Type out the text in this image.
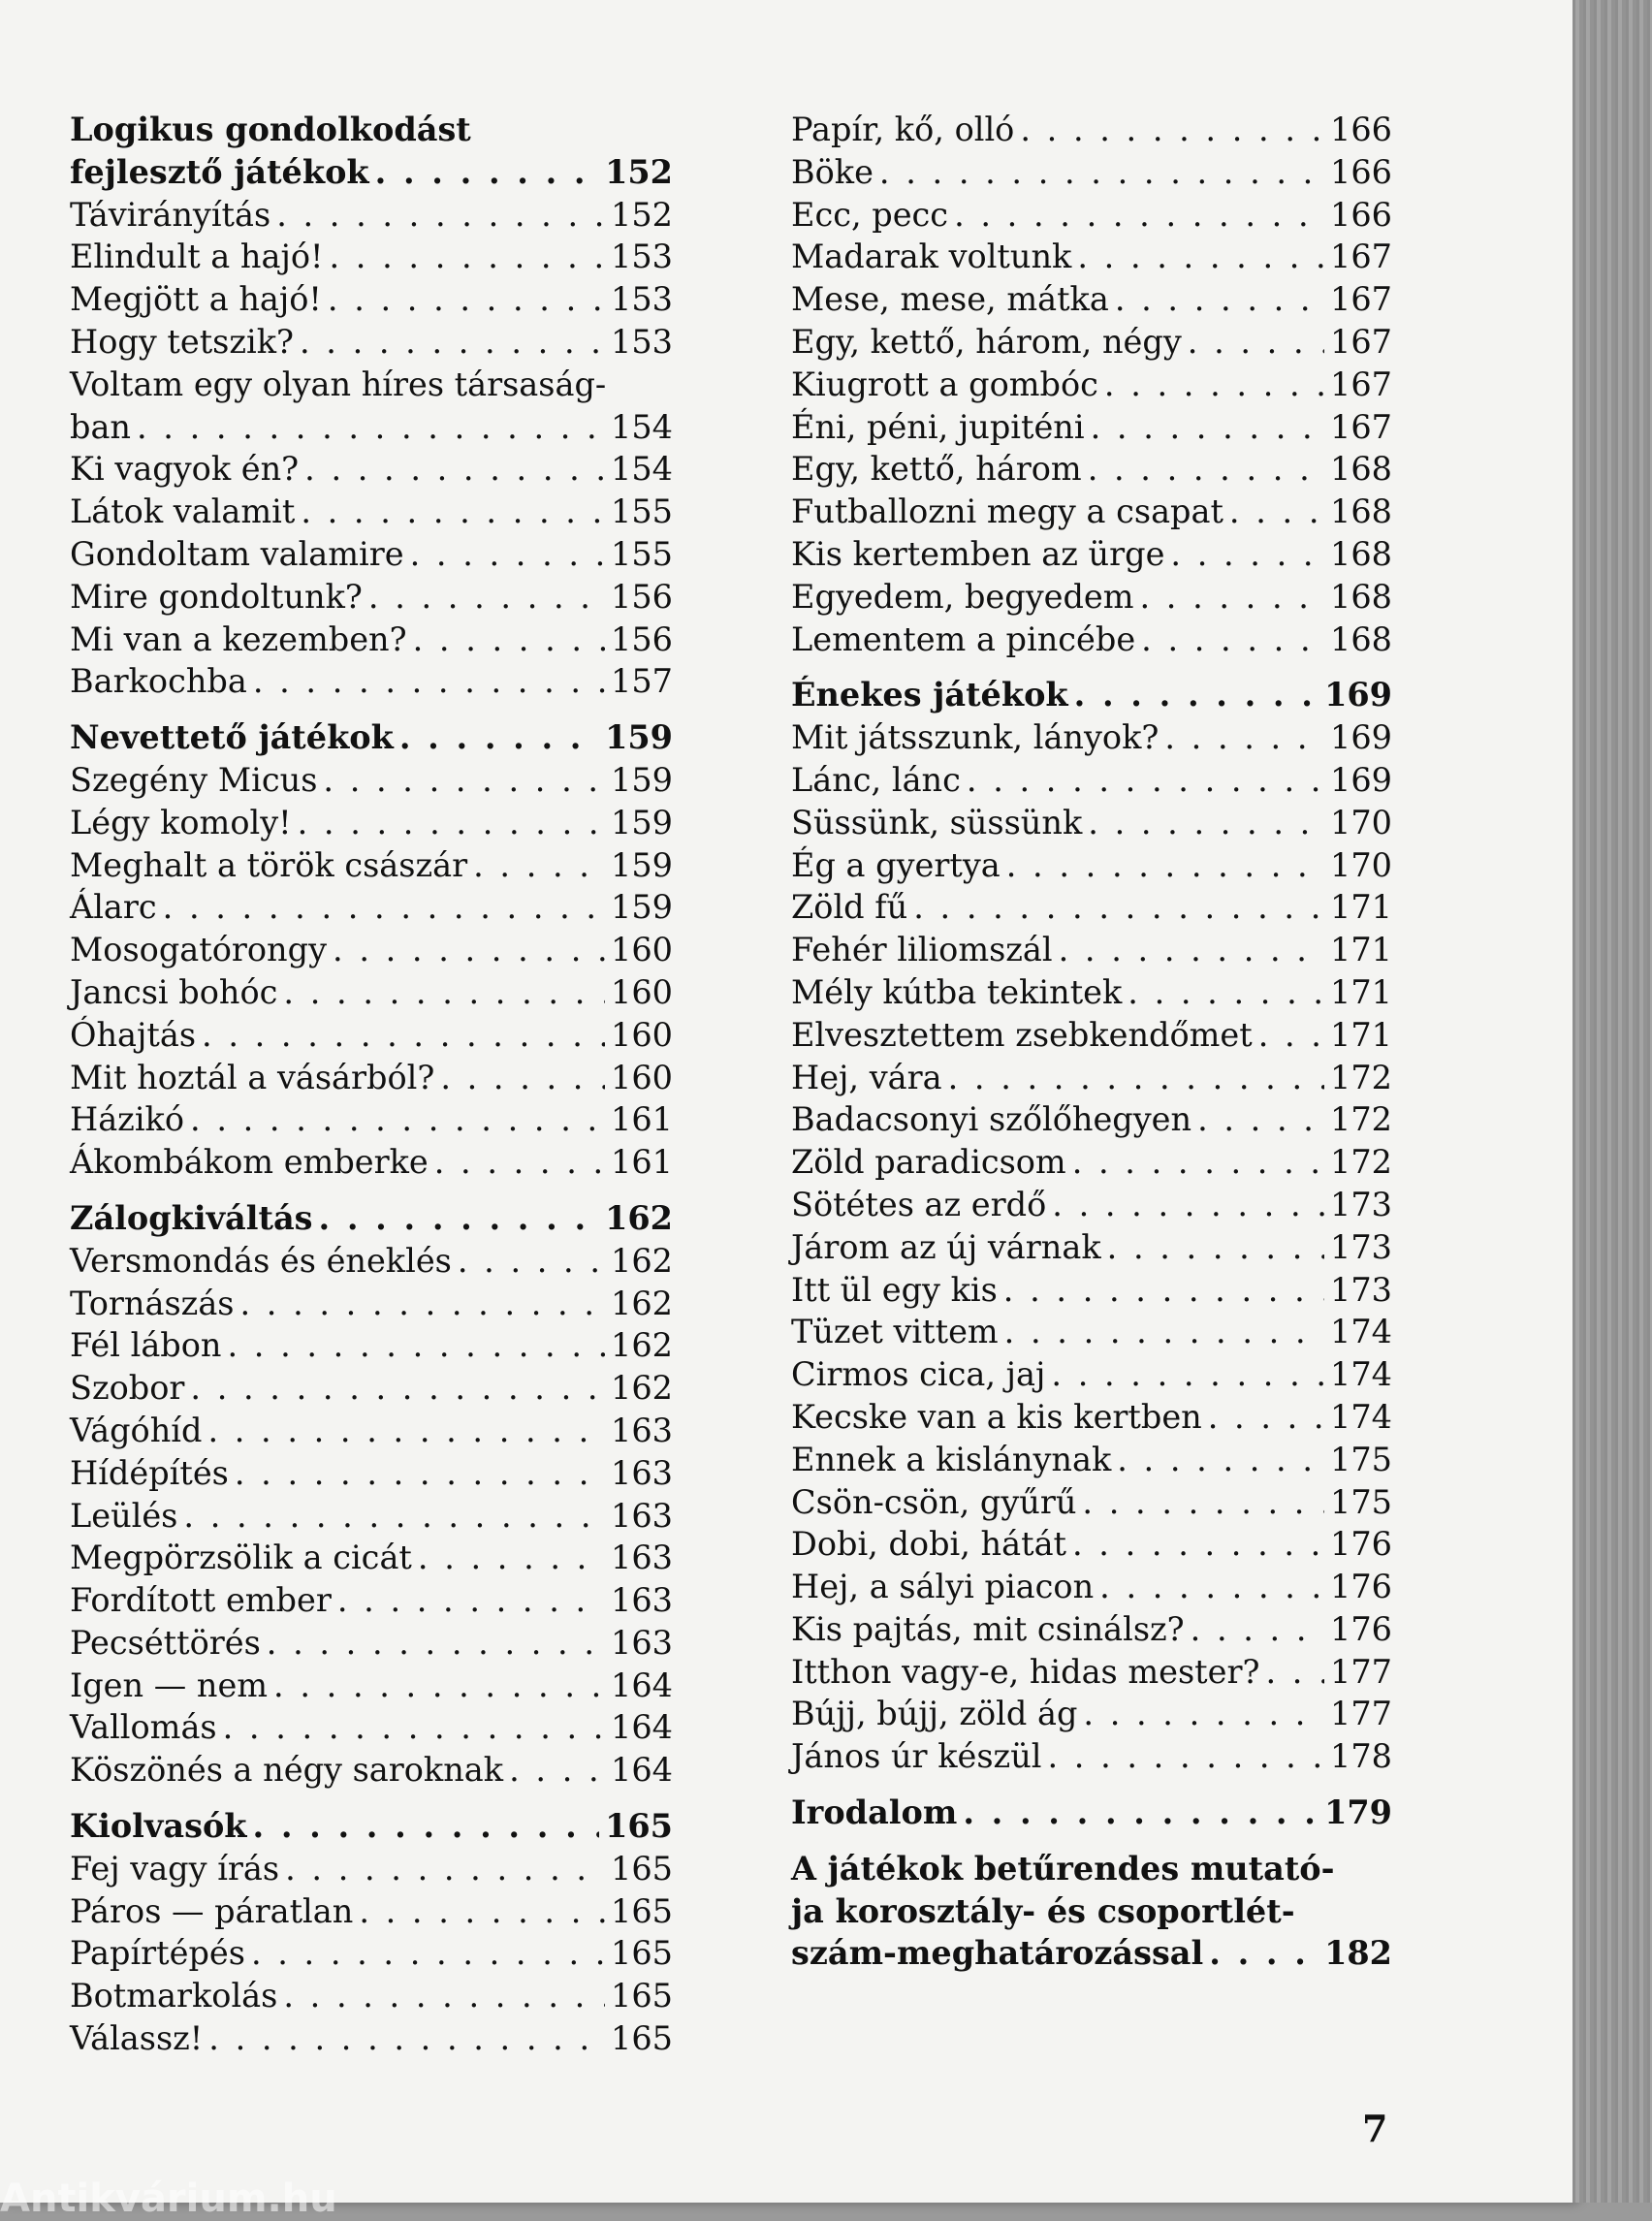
Logikus gondolkodást
fejlesztő játékok . . .	152
Távirányítás . . .	152
Elindult a hajó! . . .	153
Megjött a hajó! . . .	153
Hogy tetszik? . . .	153
Voltam egy olyan híres társaság-
ban . . .	154
Ki vagyok én? . . .	154
Látok valamit . . .	155
Gondoltam valamire . . .	155
Mire gondoltunk? . . .	156
Mi van a kezemben? . . .	156
Barkochba . . .	157
Nevettető játékok . . .	159
Szegény Micus . . .	159
Légy komoly! . . .	159
Meghalt a török császár . . .	159
Álarc . . .	159
Mosogatórongy . . .	160
Jancsi bohóc . . .	160
Óhajtás . . .	160
Mit hoztál a vásárból? . . .	160
Házikó . . .	161
Ákombákom emberke . . .	161
Zálogkiváltás . . .	162
Versmondás és éneklés . . .	162
Tornászás . . .	162
Fél lábon . . .	162
Szobor . . .	162
Vágóhíd . . .	163
Hídépítés . . .	163
Leülés . . .	163
Megpörzsölik a cicát . . .	163
Fordított ember . . .	163
Pecséttörés . . .	163
Igen — nem . . .	164
Vallomás . . .	164
Köszönés a négy saroknak . . .	164
Kiolvasók . . .	165
Fej vagy írás . . .	165
Páros — páratlan . . .	165
Papírtépés . . .	165
Botmarkolás . . .	165
Válassz! . . .	165
Papír, kő, olló . . .	166
Böke . . .	166
Ecc, pecc . . .	166
Madarak voltunk . . .	167
Mese, mese, mátka . . .	167
Egy, kettő, három, négy . . .	167
Kiugrott a gombóc . . .	167
Éni, péni, jupiténi . . .	167
Egy, kettő, három . . .	168
Futballozni megy a csapat . . .	168
Kis kertemben az ürge . . .	168
Egyedem, begyedem . . .	168
Lementem a pincébe . . .	168
Énekes játékok . . .	169
Mit játsszunk, lányok? . . .	169
Lánc, lánc . . .	169
Süssünk, süssünk . . .	170
Ég a gyertya . . .	170
Zöld fű . . .	171
Fehér liliomszál . . .	171
Mély kútba tekintek . . .	171
Elvesztettem zsebkendőmet . . . 171
Hej, vára . . .	172
Badacsonyi szőlőhegyen . . .	172
Zöld paradicsom . . .	172
Sötétes az erdő . . .	173
Járom az új várnak . . .	173
Itt ül egy kis . . .	173
Tüzet vittem . . .	174
Cirmos cica, jaj . . .	174
Kecske van a kis kertben . . .	174
Ennek a kislánynak . . .	175
Csön-csön, gyűrű . . .	175
Dobi, dobi, hátát . . .	176
Hej, a sályi piacon . . .	176
Kis pajtás, mit csinálsz? . . .	176
Itthon vagy-e, hidas mester? . . . 177
Bújj, bújj, zöld ág . . .	177
János úr készül . . .	178
Irodalom . . .	179
A játékok betűrendes mutató-
ja korosztály- és csoportlét-
szám-meghatározással . . .	182
7
Antikvárium.hu
